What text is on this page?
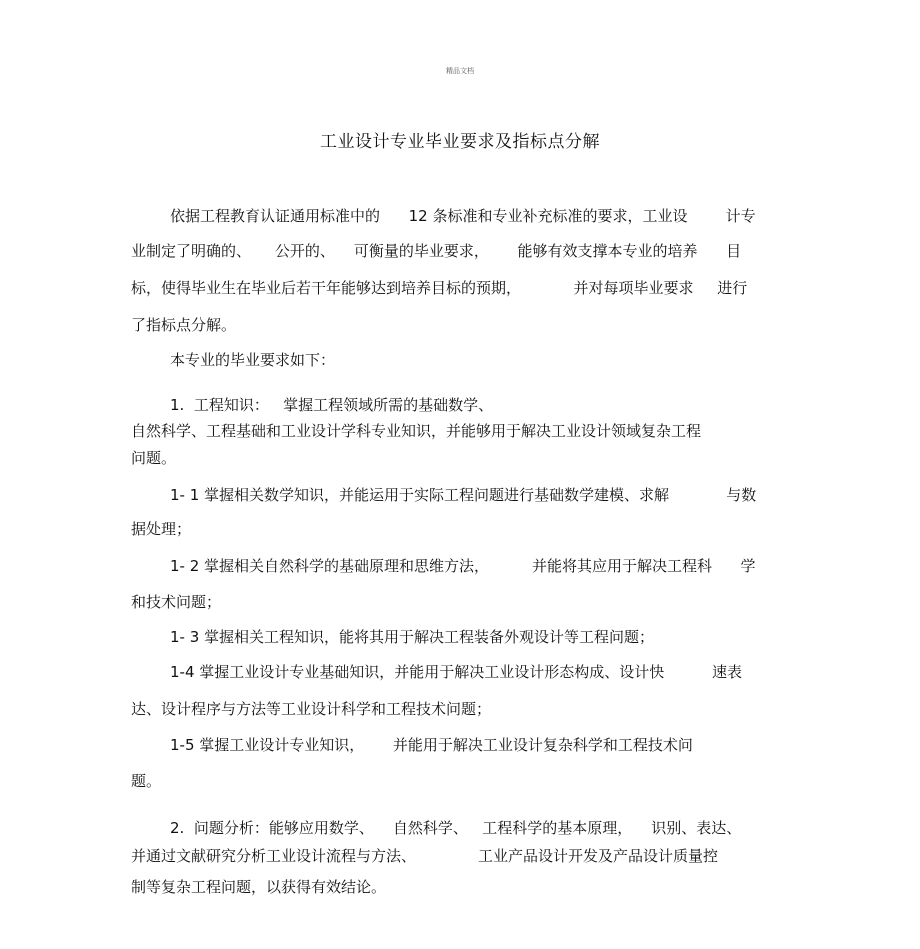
精品文档
工业设计专业毕业要求及指标点分解
依据工程教育认证通用标准中的      12 条标准和专业补充标准的要求，工业设        计专
业制定了明确的、     公开的、    可衡量的毕业要求，      能够有效支撑本专业的培养      目
标，使得毕业生在毕业后若干年能够达到培养目标的预期，           并对每项毕业要求     进行
了指标点分解。
本专业的毕业要求如下：
1.  工程知识：   掌握工程领域所需的基础数学、
自然科学、工程基础和工业设计学科专业知识，并能够用于解决工业设计领域复杂工程
问题。
1- 1 掌握相关数学知识，并能运用于实际工程问题进行基础数学建模、求解            与数
据处理；
1- 2 掌握相关自然科学的基础原理和思维方法，         并能将其应用于解决工程科      学
和技术问题；
1- 3 掌握相关工程知识，能将其用于解决工程装备外观设计等工程问题；
1-4 掌握工业设计专业基础知识，并能用于解决工业设计形态构成、设计快          速表
达、设计程序与方法等工业设计科学和工程技术问题；
1-5 掌握工业设计专业知识，      并能用于解决工业设计复杂科学和工程技术问
题。
2.  问题分析：能够应用数学、    自然科学、   工程科学的基本原理，    识别、表达、
并通过文献研究分析工业设计流程与方法、             工业产品设计开发及产品设计质量控
制等复杂工程问题，以获得有效结论。
